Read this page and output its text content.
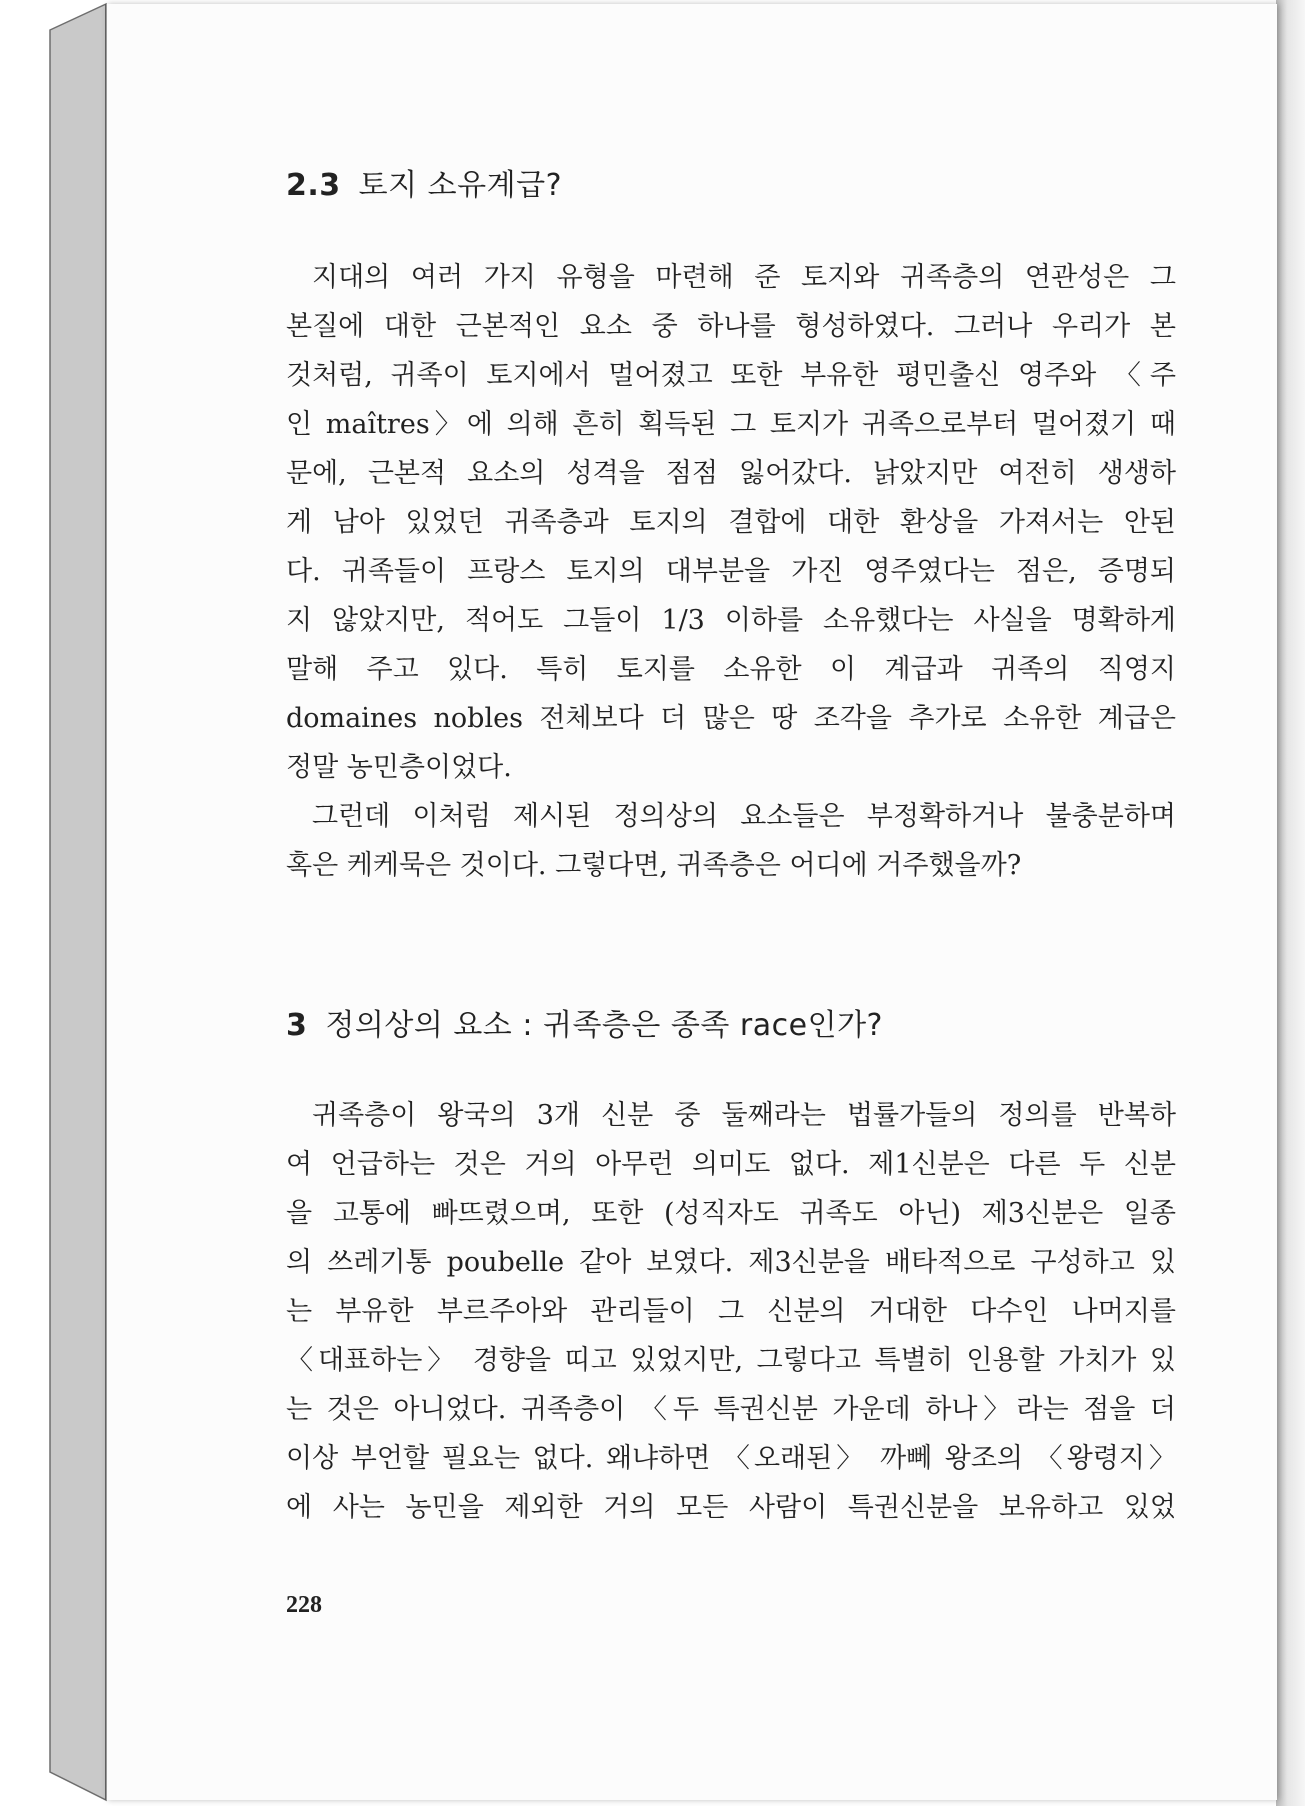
2.3 토지 소유계급?
지대의 여러 가지 유형을 마련해 준 토지와 귀족층의 연관성은 그
본질에 대한 근본적인 요소 중 하나를 형성하였다. 그러나 우리가 본
것처럼, 귀족이 토지에서 멀어졌고 또한 부유한 평민출신 영주와 〈주
인 maîtres〉에 의해 흔히 획득된 그 토지가 귀족으로부터 멀어졌기 때
문에, 근본적 요소의 성격을 점점 잃어갔다. 낡았지만 여전히 생생하
게 남아 있었던 귀족층과 토지의 결합에 대한 환상을 가져서는 안된
다. 귀족들이 프랑스 토지의 대부분을 가진 영주였다는 점은, 증명되
지 않았지만, 적어도 그들이 1/3 이하를 소유했다는 사실을 명확하게
말해 주고 있다. 특히 토지를 소유한 이 계급과 귀족의 직영지
domaines nobles 전체보다 더 많은 땅 조각을 추가로 소유한 계급은
정말 농민층이었다.
그런데 이처럼 제시된 정의상의 요소들은 부정확하거나 불충분하며
혹은 케케묵은 것이다. 그렇다면, 귀족층은 어디에 거주했을까?
3 정의상의 요소 : 귀족층은 종족 race인가?
귀족층이 왕국의 3개 신분 중 둘째라는 법률가들의 정의를 반복하
여 언급하는 것은 거의 아무런 의미도 없다. 제1신분은 다른 두 신분
을 고통에 빠뜨렸으며, 또한 (성직자도 귀족도 아닌) 제3신분은 일종
의 쓰레기통 poubelle 같아 보였다. 제3신분을 배타적으로 구성하고 있
는 부유한 부르주아와 관리들이 그 신분의 거대한 다수인 나머지를
〈대표하는〉 경향을 띠고 있었지만, 그렇다고 특별히 인용할 가치가 있
는 것은 아니었다. 귀족층이 〈두 특권신분 가운데 하나〉라는 점을 더
이상 부언할 필요는 없다. 왜냐하면 〈오래된〉 까뻬 왕조의 〈왕령지〉
에 사는 농민을 제외한 거의 모든 사람이 특권신분을 보유하고 있었
228
